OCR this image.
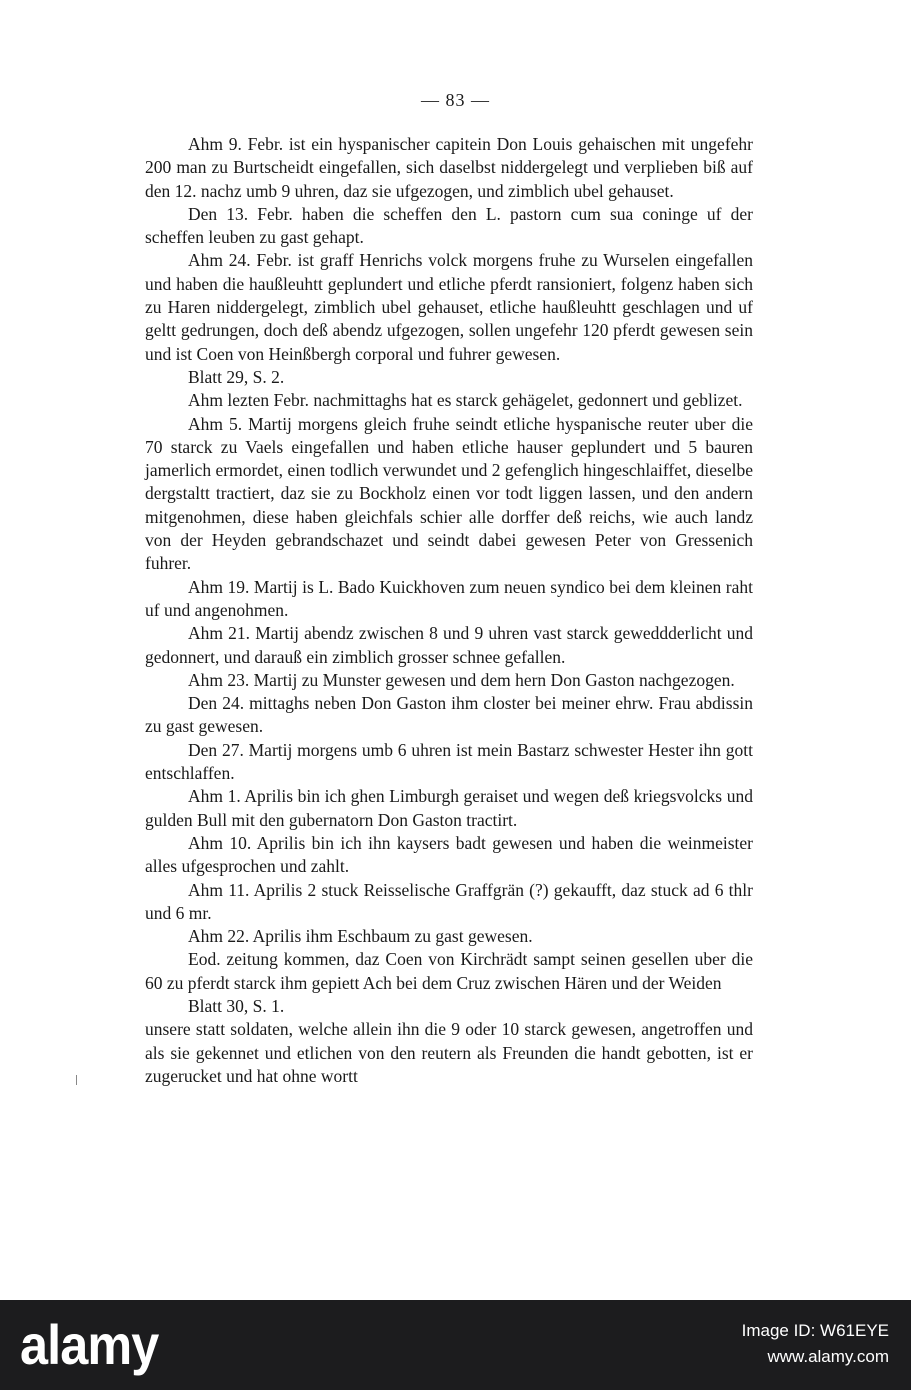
— 83 —

Ahm 9. Febr. ist ein hyspanischer capitein Don Louis gehaischen mit ungefehr 200 man zu Burtscheidt eingefallen, sich daselbst niddergelegt und verplieben biß auf den 12. nachz umb 9 uhren, daz sie ufgezogen, und zimblich ubel gehauset.

Den 13. Febr. haben die scheffen den L. pastorn cum sua coninge uf der scheffen leuben zu gast gehapt.

Ahm 24. Febr. ist graff Henrichs volck morgens fruhe zu Wurselen eingefallen und haben die haußleuhtt geplundert und etliche pferdt ransioniert, folgenz haben sich zu Haren niddergelegt, zimblich ubel gehauset, etliche haußleuhtt geschlagen und uf geltt gedrungen, doch deß abendz ufgezogen, sollen ungefehr 120 pferdt gewesen sein und ist Coen von Heinßbergh corporal und fuhrer gewesen.

Blatt 29, S. 2.

Ahm lezten Febr. nachmittaghs hat es starck gehägelet, gedonnert und geblizet.

Ahm 5. Martij morgens gleich fruhe seindt etliche hyspanische reuter uber die 70 starck zu Vaels eingefallen und haben etliche hauser geplundert und 5 bauren jamerlich ermordet, einen todlich verwundet und 2 gefenglich hingeschlaiffet, dieselbe dergstaltt tractiert, daz sie zu Bockholz einen vor todt liggen lassen, und den andern mitgenohmen, diese haben gleichfals schier alle dorffer deß reichs, wie auch landz von der Heyden gebrandschazet und seindt dabei gewesen Peter von Gressenich fuhrer.

Ahm 19. Martij is L. Bado Kuickhoven zum neuen syndico bei dem kleinen raht uf und angenohmen.

Ahm 21. Martij abendz zwischen 8 und 9 uhren vast starck geweddderlicht und gedonnert, und darauß ein zimblich grosser schnee gefallen.

Ahm 23. Martij zu Munster gewesen und dem hern Don Gaston nachgezogen.

Den 24. mittaghs neben Don Gaston ihm closter bei meiner ehrw. Frau abdissin zu gast gewesen.

Den 27. Martij morgens umb 6 uhren ist mein Bastarz schwester Hester ihn gott entschlaffen.

Ahm 1. Aprilis bin ich ghen Limburgh geraiset und wegen deß kriegsvolcks und gulden Bull mit den gubernatorn Don Gaston tractirt.

Ahm 10. Aprilis bin ich ihn kaysers badt gewesen und haben die weinmeister alles ufgesprochen und zahlt.

Ahm 11. Aprilis 2 stuck Reisselische Graffgrän (?) gekaufft, daz stuck ad 6 thlr und 6 mr.

Ahm 22. Aprilis ihm Eschbaum zu gast gewesen.

Eod. zeitung kommen, daz Coen von Kirchrädt sampt seinen gesellen uber die 60 zu pferdt starck ihm gepiett Ach bei dem Cruz zwischen Hären und der Weiden

Blatt 30, S. 1.

unsere statt soldaten, welche allein ihn die 9 oder 10 starck gewesen, angetroffen und als sie gekennet und etlichen von den reutern als Freunden die handt gebotten, ist er zugerucket und hat ohne wortt

alamy	Image ID: W61EYE
www.alamy.com
